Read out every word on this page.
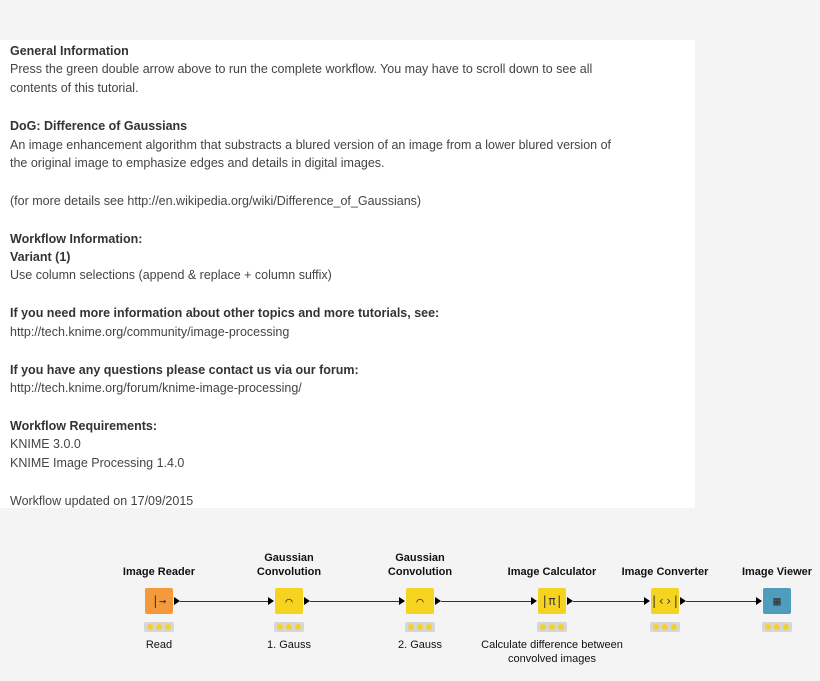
General Information
Press the green double arrow above to run the complete workflow. You may have to scroll down to see all
contents of this tutorial.
DoG: Difference of Gaussians
An image enhancement algorithm that substracts a blured version of an image from a lower blured version of
the original image to emphasize edges and details in digital images.
(for more details see http://en.wikipedia.org/wiki/Difference_of_Gaussians)
Workflow Information:
Variant (1)
Use column selections (append & replace + column suffix)
If you need more information about other topics and more tutorials, see:
http://tech.knime.org/community/image-processing
If you have any questions please contact us via our forum:
http://tech.knime.org/forum/knime-image-processing/
Workflow Requirements:
KNIME 3.0.0
KNIME Image Processing 1.4.0
Workflow updated on 17/09/2015
Image Reader
|→
Read
Gaussian
Convolution
⌒
1. Gauss
Gaussian
Convolution
⌒
2. Gauss
Image Calculator
|π|
Calculate difference between
convolved images
Image Converter
|‹›|
Image Viewer
▦
